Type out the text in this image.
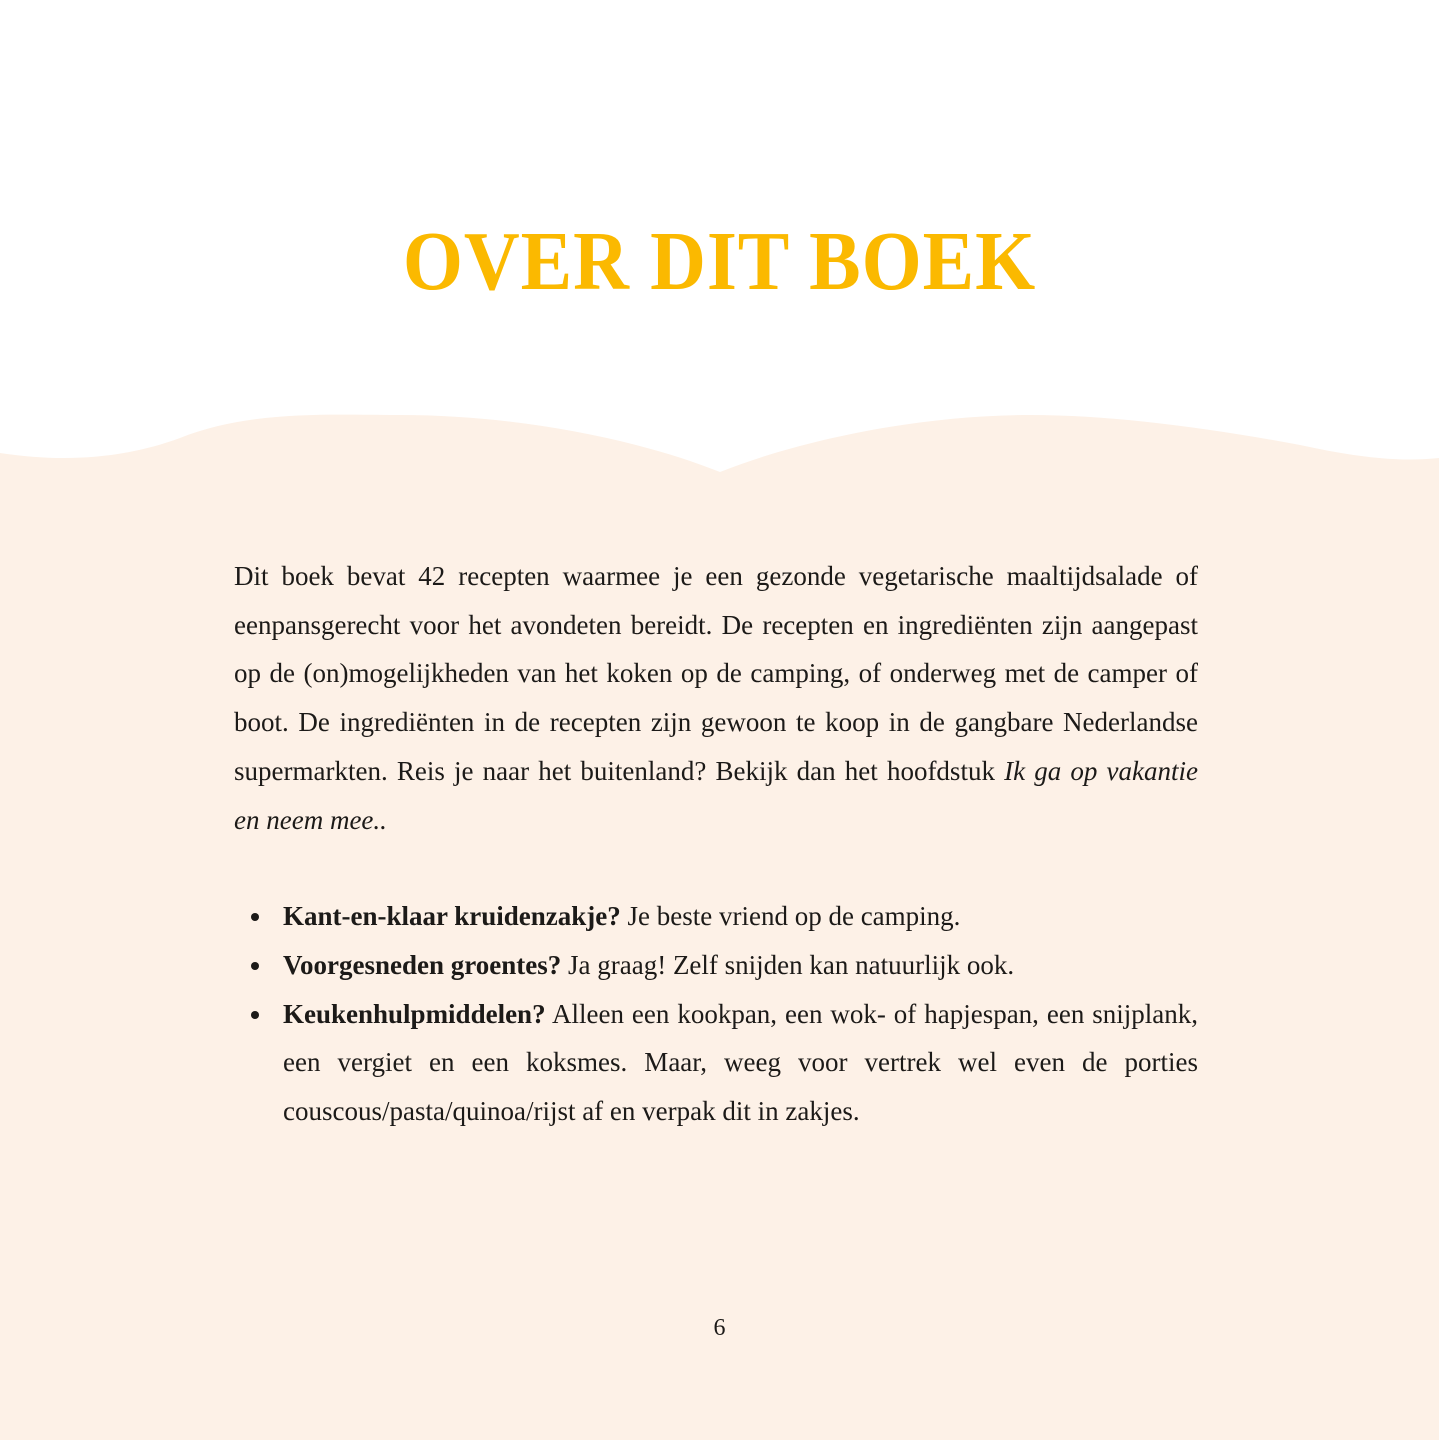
OVER DIT BOEK

Dit boek bevat 42 recepten waarmee je een gezonde vegetarische maaltijdsalade of eenpansgerecht voor het avondeten bereidt. De recepten en ingrediënten zijn aangepast op de (on)mogelijkheden van het koken op de camping, of onderweg met de camper of boot. De ingrediënten in de recepten zijn gewoon te koop in de gangbare Nederlandse supermarkten. Reis je naar het buitenland? Bekijk dan het hoofdstuk Ik ga op vakantie en neem mee..

Kant-en-klaar kruidenzakje? Je beste vriend op de camping.
Voorgesneden groentes? Ja graag! Zelf snijden kan natuurlijk ook.
Keukenhulpmiddelen? Alleen een kookpan, een wok- of hapjespan, een snijplank, een vergiet en een koksmes. Maar, weeg voor vertrek wel even de porties couscous/pasta/quinoa/rijst af en verpak dit in zakjes.
6
